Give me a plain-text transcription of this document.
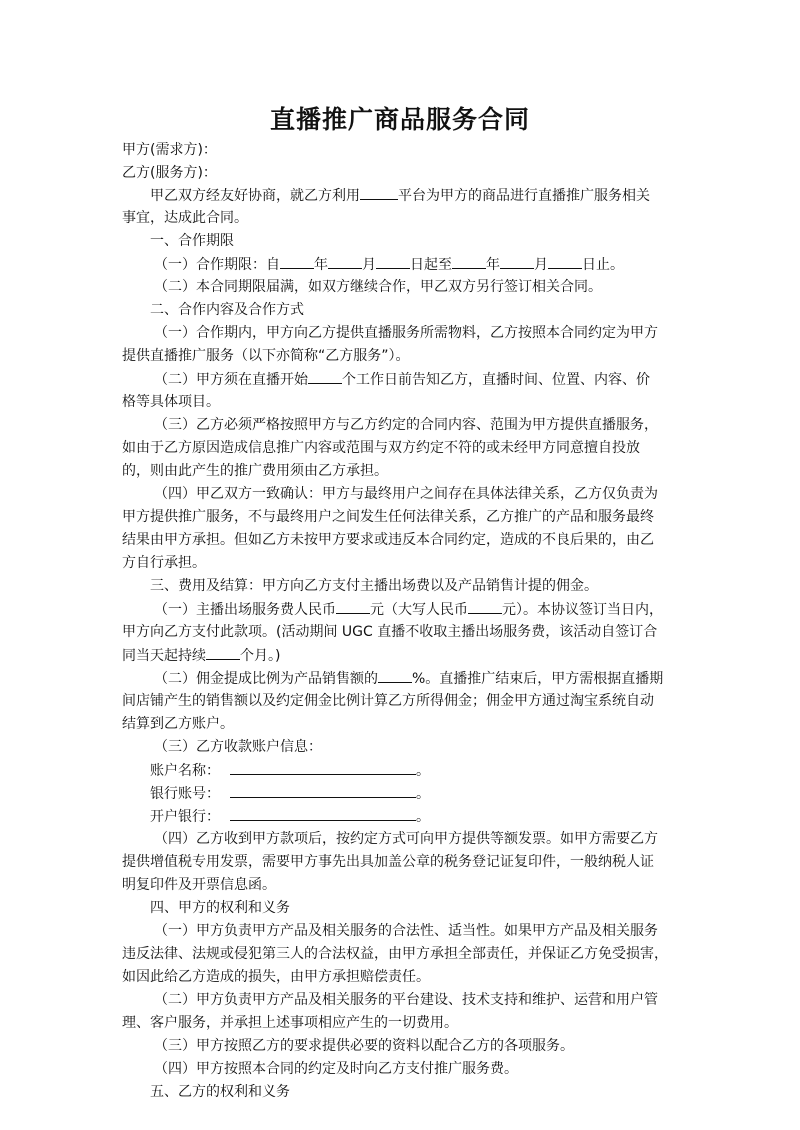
直播推广商品服务合同
甲方(需求方)：
乙方(服务方)：
甲乙双方经友好协商，就乙方利用	平台为甲方的商品进行直播推广服务相关
事宜，达成此合同。
一、合作期限
（一）合作期限：自 年 月 日起至 年 月 日止。
（二）本合同期限届满，如双方继续合作，甲乙双方另行签订相关合同。
二、合作内容及合作方式
（一）合作期内，甲方向乙方提供直播服务所需物料，乙方按照本合同约定为甲方
提供直播推广服务（以下亦简称“乙方服务”）。
（二）甲方须在直播开始 个工作日前告知乙方，直播时间、位置、内容、价
格等具体项目。
（三）乙方必须严格按照甲方与乙方约定的合同内容、范围为甲方提供直播服务，
如由于乙方原因造成信息推广内容或范围与双方约定不符的或未经甲方同意擅自投放
的，则由此产生的推广费用须由乙方承担。
（四）甲乙双方一致确认：甲方与最终用户之间存在具体法律关系，乙方仅负责为
甲方提供推广服务，不与最终用户之间发生任何法律关系，乙方推广的产品和服务最终
结果由甲方承担。但如乙方未按甲方要求或违反本合同约定，造成的不良后果的，由乙
方自行承担。
三、费用及结算：甲方向乙方支付主播出场费以及产品销售计提的佣金。
（一）主播出场服务费人民币 元（大写人民币 元）。本协议签订当日内，
甲方向乙方支付此款项。(活动期间 UGC 直播不收取主播出场服务费，该活动自签订合
同当天起持续 个月。)
（二）佣金提成比例为产品销售额的 %。直播推广结束后，甲方需根据直播期
间店铺产生的销售额以及约定佣金比例计算乙方所得佣金；佣金甲方通过淘宝系统自动
结算到乙方账户。
（三）乙方收款账户信息：
账户名称：	。
银行账号：	。
开户银行：	。
（四）乙方收到甲方款项后，按约定方式可向甲方提供等额发票。如甲方需要乙方
提供增值税专用发票，需要甲方事先出具加盖公章的税务登记证复印件，一般纳税人证
明复印件及开票信息函。
四、甲方的权利和义务
（一）甲方负责甲方产品及相关服务的合法性、适当性。如果甲方产品及相关服务
违反法律、法规或侵犯第三人的合法权益，由甲方承担全部责任，并保证乙方免受损害，
如因此给乙方造成的损失，由甲方承担赔偿责任。
（二）甲方负责甲方产品及相关服务的平台建设、技术支持和维护、运营和用户管
理、客户服务，并承担上述事项相应产生的一切费用。
（三）甲方按照乙方的要求提供必要的资料以配合乙方的各项服务。
（四）甲方按照本合同的约定及时向乙方支付推广服务费。
五、乙方的权利和义务
